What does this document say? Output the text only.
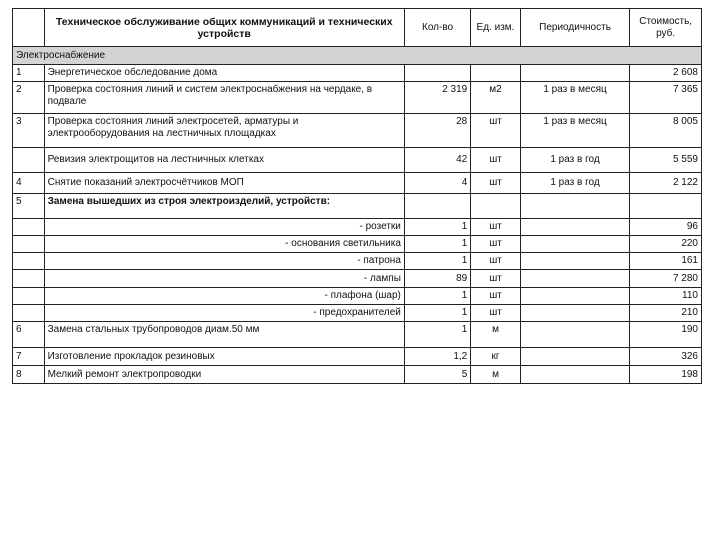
	Техническое обслуживание общих коммуникаций и технических устройств	Кол-во	Ед. изм.	Периодичность	Стоимость, руб.
Электроснабжение					
1	Энергетическое обследование дома				2 608
2	Проверка состояния линий и систем электроснабжения на чердаке, в подвале	2 319	м2	1 раз в месяц	7 365
3	Проверка состояния линий электросетей, арматуры и электрооборудования на лестничных площадках	28	шт	1 раз в месяц	8 005
	Ревизия электрощитов на лестничных клетках	42	шт	1 раз в год	5 559
4	Снятие показаний электросчётчиков МОП	4	шт	1 раз в год	2 122
5	Замена вышедших из строя электроизделий, устройств:				
	- розетки	1	шт		96
	- основания светильника	1	шт		220
	- патрона	1	шт		161
	- лампы	89	шт		7 280
	- плафона (шар)	1	шт		110
	- предохранителей	1	шт		210
6	Замена стальных трубопроводов диам.50 мм	1	м		190
7	Изготовление прокладок резиновых	1,2	кг		326
8	Мелкий ремонт электропроводки	5	м		198
